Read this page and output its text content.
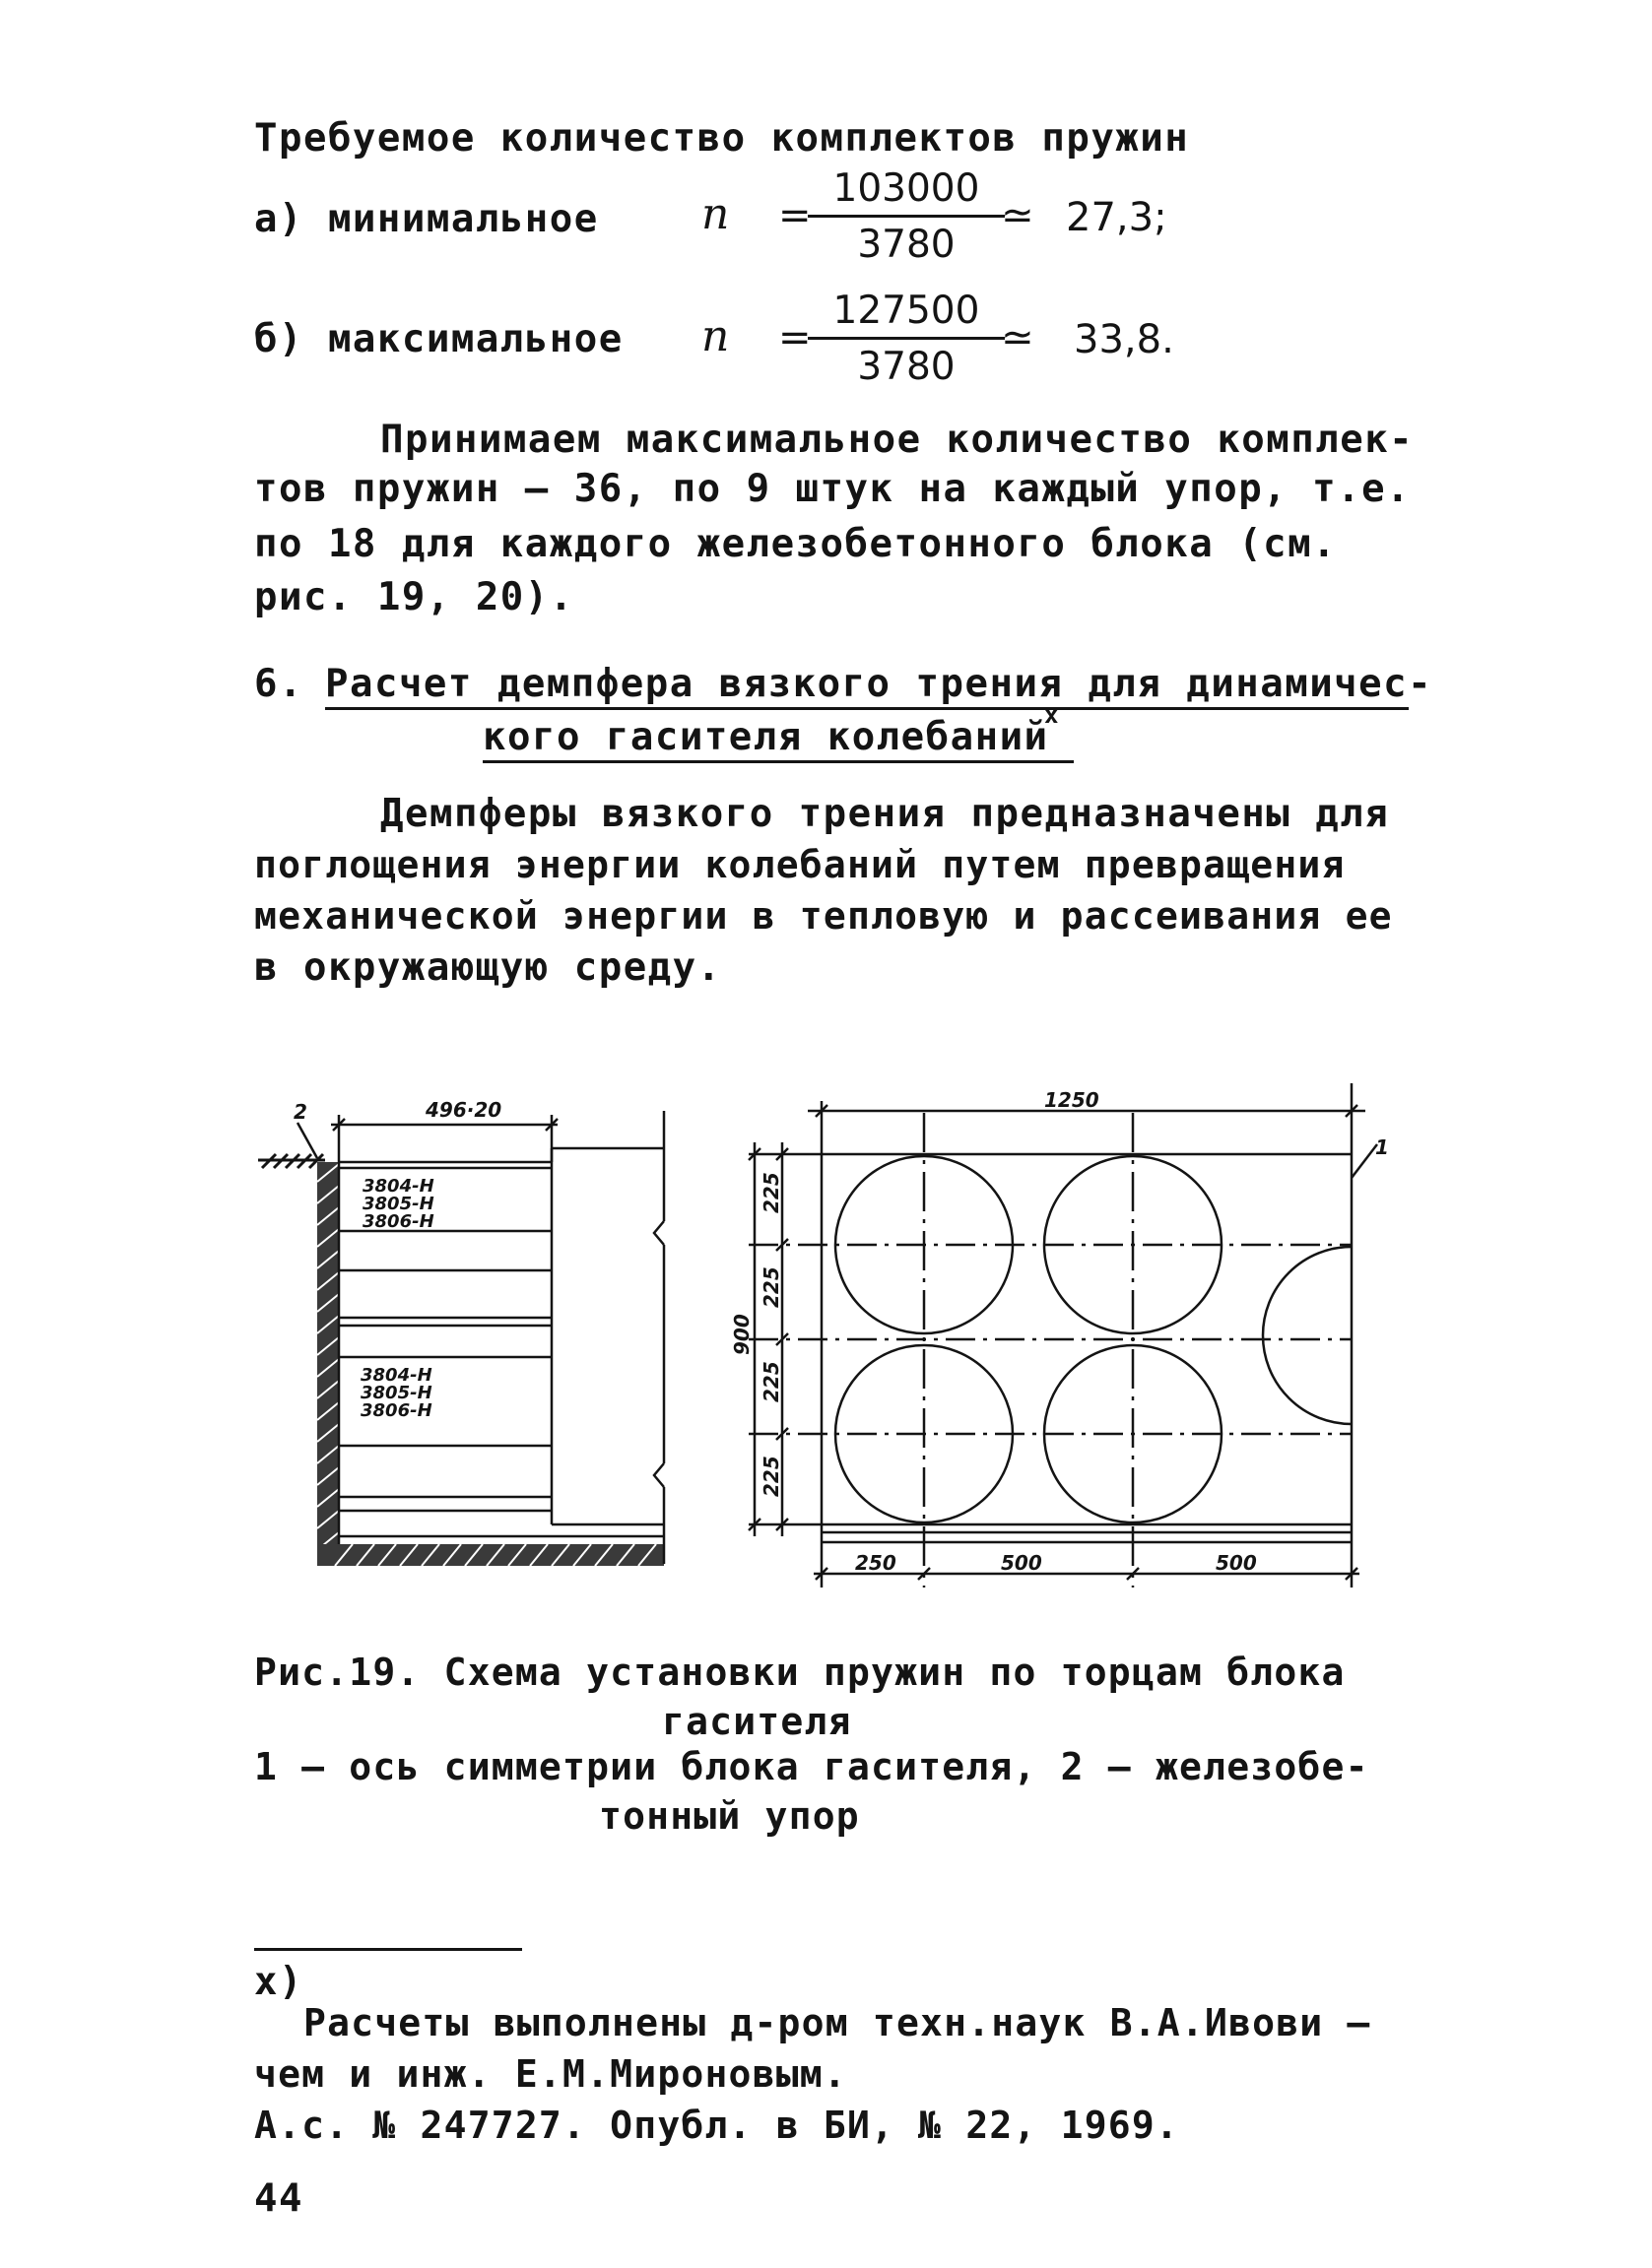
Требуемое количество комплектов пружин
а) минимальное n =
103000
3780
≃ 27,3;
б) максимальное n =
127500
3780
≃ 33,8.
Принимаем максимальное количество комплек-
тов пружин – 36, по 9 штук на каждый упор, т.е.
по 18 для каждого железобетонного блока (см.
рис. 19, 20).
6. Расчет демпфера вязкого трения для динамичес-
кого гасителя колебаний
x
Демпферы вязкого трения предназначены для
поглощения энергии колебаний путем превращения
механической энергии в тепловую и рассеивания ее
в окружающую среду.
496·20
2
3804-Н
3805-Н
3806-Н
3804-Н
3805-Н
3806-Н
1250
1
900
225
225
225
225
250	500	500
Рис.19. Схема установки пружин по торцам блока
гасителя
1 – ось симметрии блока гасителя, 2 – железобе-
тонный упор
x)
Расчеты выполнены д-ром техн.наук В.А.Ивови –
чем и инж. Е.М.Мироновым.
А.с. № 247727. Опубл. в БИ, № 22, 1969.
44
